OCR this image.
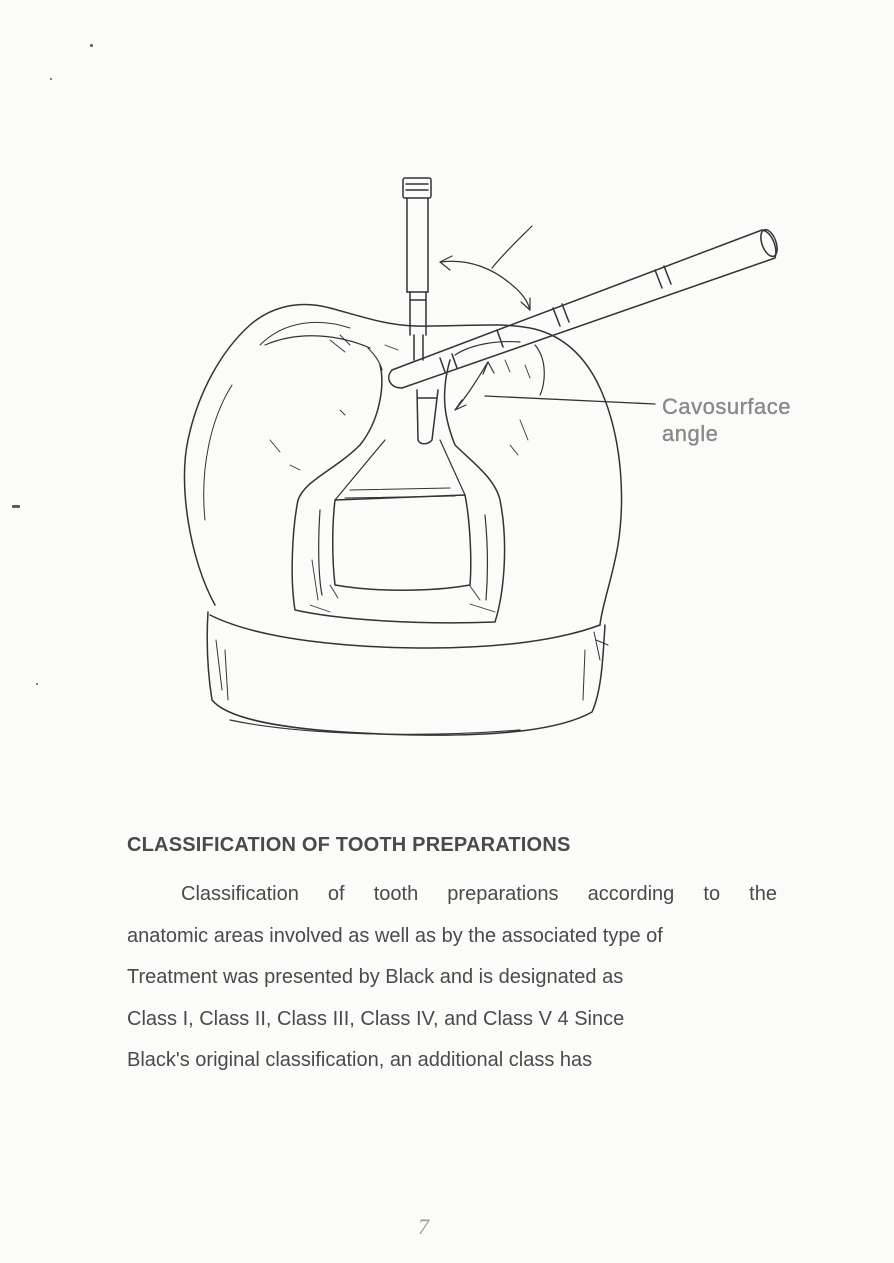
Cavosurface
angle
CLASSIFICATION OF TOOTH PREPARATIONS

Classification of tooth preparations according to the
anatomic areas involved as well as by the associated type of
Treatment was presented by Black and is designated as
Class I, Class II, Class III, Class IV, and Class V 4 Since
Black's original classification, an additional class has

7
